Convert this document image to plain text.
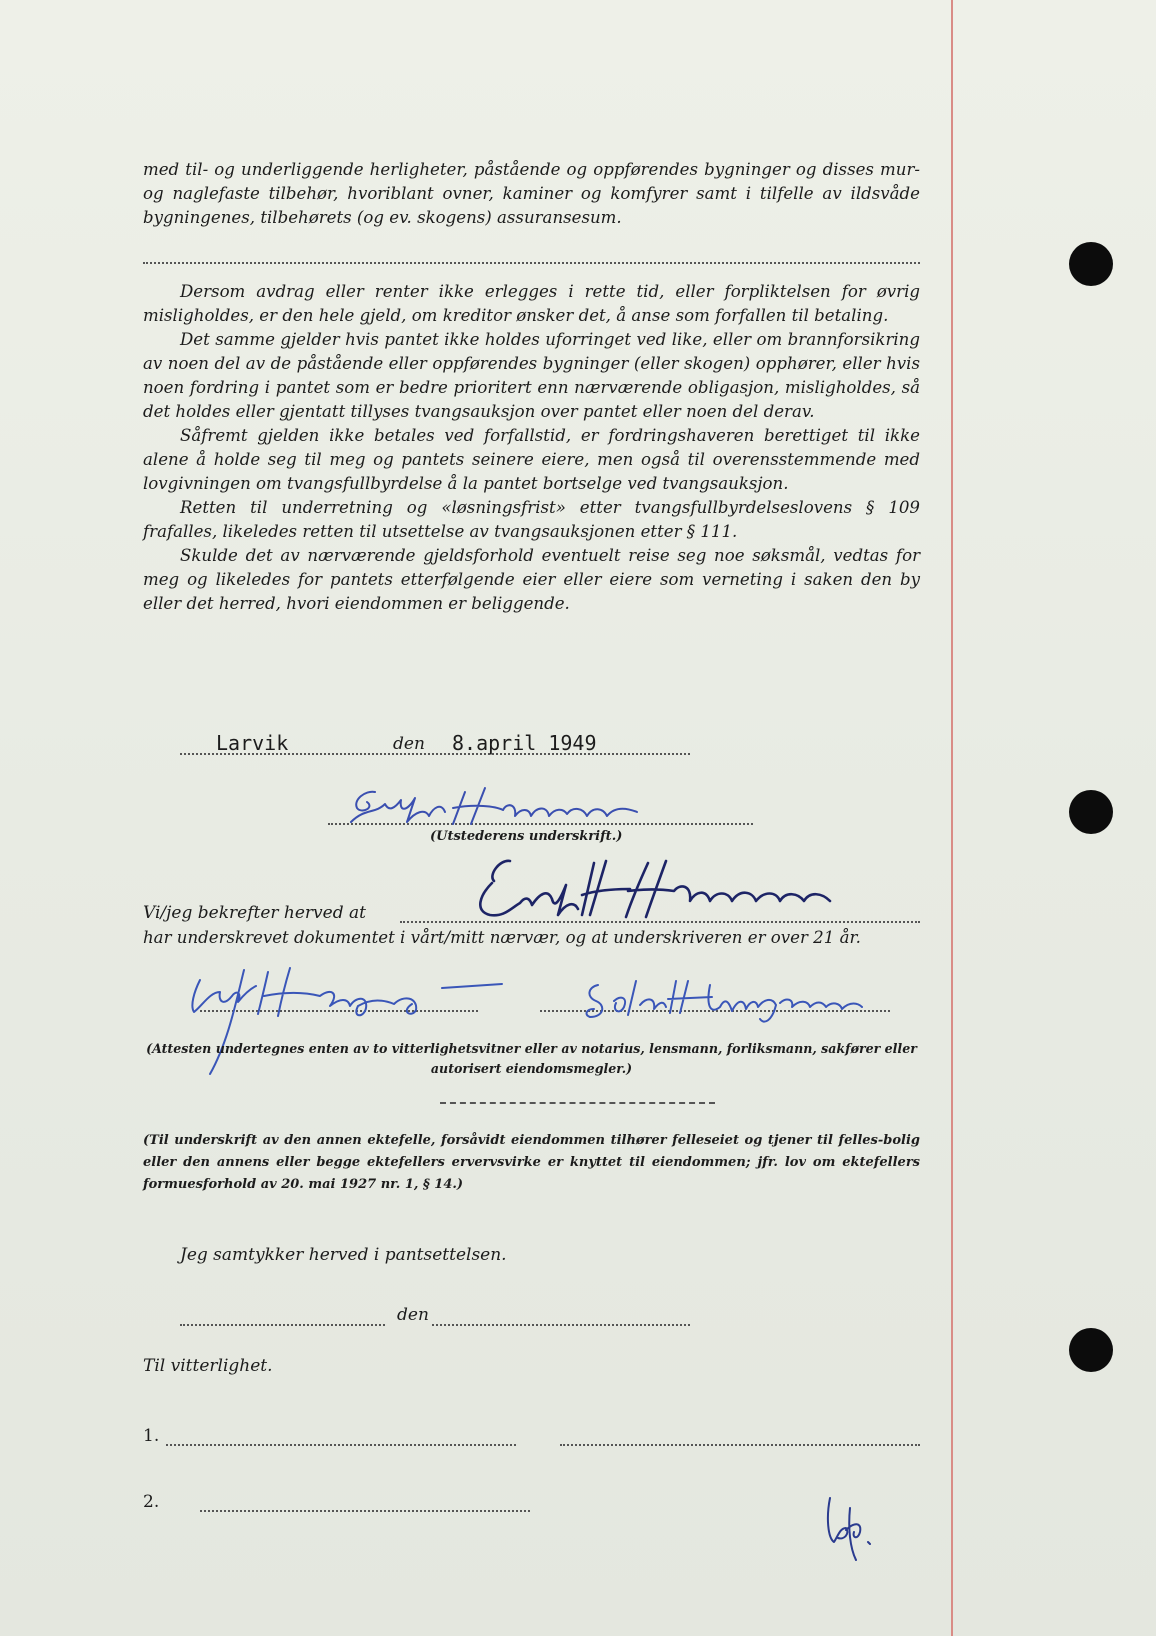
med til- og underliggende herligheter, påstående og oppførendes bygninger og disses mur- og naglefaste tilbehør, hvoriblant ovner, kaminer og komfyrer samt i tilfelle av ildsvåde bygningenes, tilbehørets (og ev. skogens) assuransesum.

Dersom avdrag eller renter ikke erlegges i rette tid, eller forpliktelsen for øvrig misligholdes, er den hele gjeld, om kreditor ønsker det, å anse som forfallen til betaling.

Det samme gjelder hvis pantet ikke holdes uforringet ved like, eller om brannforsikring av noen del av de påstående eller oppførendes bygninger (eller skogen) opphører, eller hvis noen fordring i pantet som er bedre prioritert enn nærværende obligasjon, misligholdes, så det holdes eller gjentatt tillyses tvangsauksjon over pantet eller noen del derav.

Såfremt gjelden ikke betales ved forfallstid, er fordringshaveren berettiget til ikke alene å holde seg til meg og pantets seinere eiere, men også til overensstemmende med lovgivningen om tvangsfullbyrdelse å la pantet bortselge ved tvangsauksjon.

Retten til underretning og «løsningsfrist» etter tvangsfullbyrdelseslovens § 109 frafalles, likeledes retten til utsettelse av tvangsauksjonen etter § 111.

Skulde det av nærværende gjeldsforhold eventuelt reise seg noe søksmål, vedtas for meg og likeledes for pantets etterfølgende eier eller eiere som verneting i saken den by eller det herred, hvori eiendommen er beliggende.

Larvik	den 8.april 1949
(Utstederens underskrift.)
Vi/jeg bekrefter herved at
har underskrevet dokumentet i vårt/mitt nærvær, og at underskriveren er over 21 år.
(Attesten undertegnes enten av to vitterlighetsvitner eller av notarius, lensmann, forliksmann, sakfører eller autorisert eiendomsmegler.)
(Til underskrift av den annen ektefelle, forsåvidt eiendommen tilhører felleseiet og tjener til felles-bolig eller den annens eller begge ektefellers ervervsvirke er knyttet til eiendommen; jfr. lov om ektefellers formuesforhold av 20. mai 1927 nr. 1, § 14.)
Jeg samtykker herved i pantsettelsen.
den
Til vitterlighet.
1.
2.
